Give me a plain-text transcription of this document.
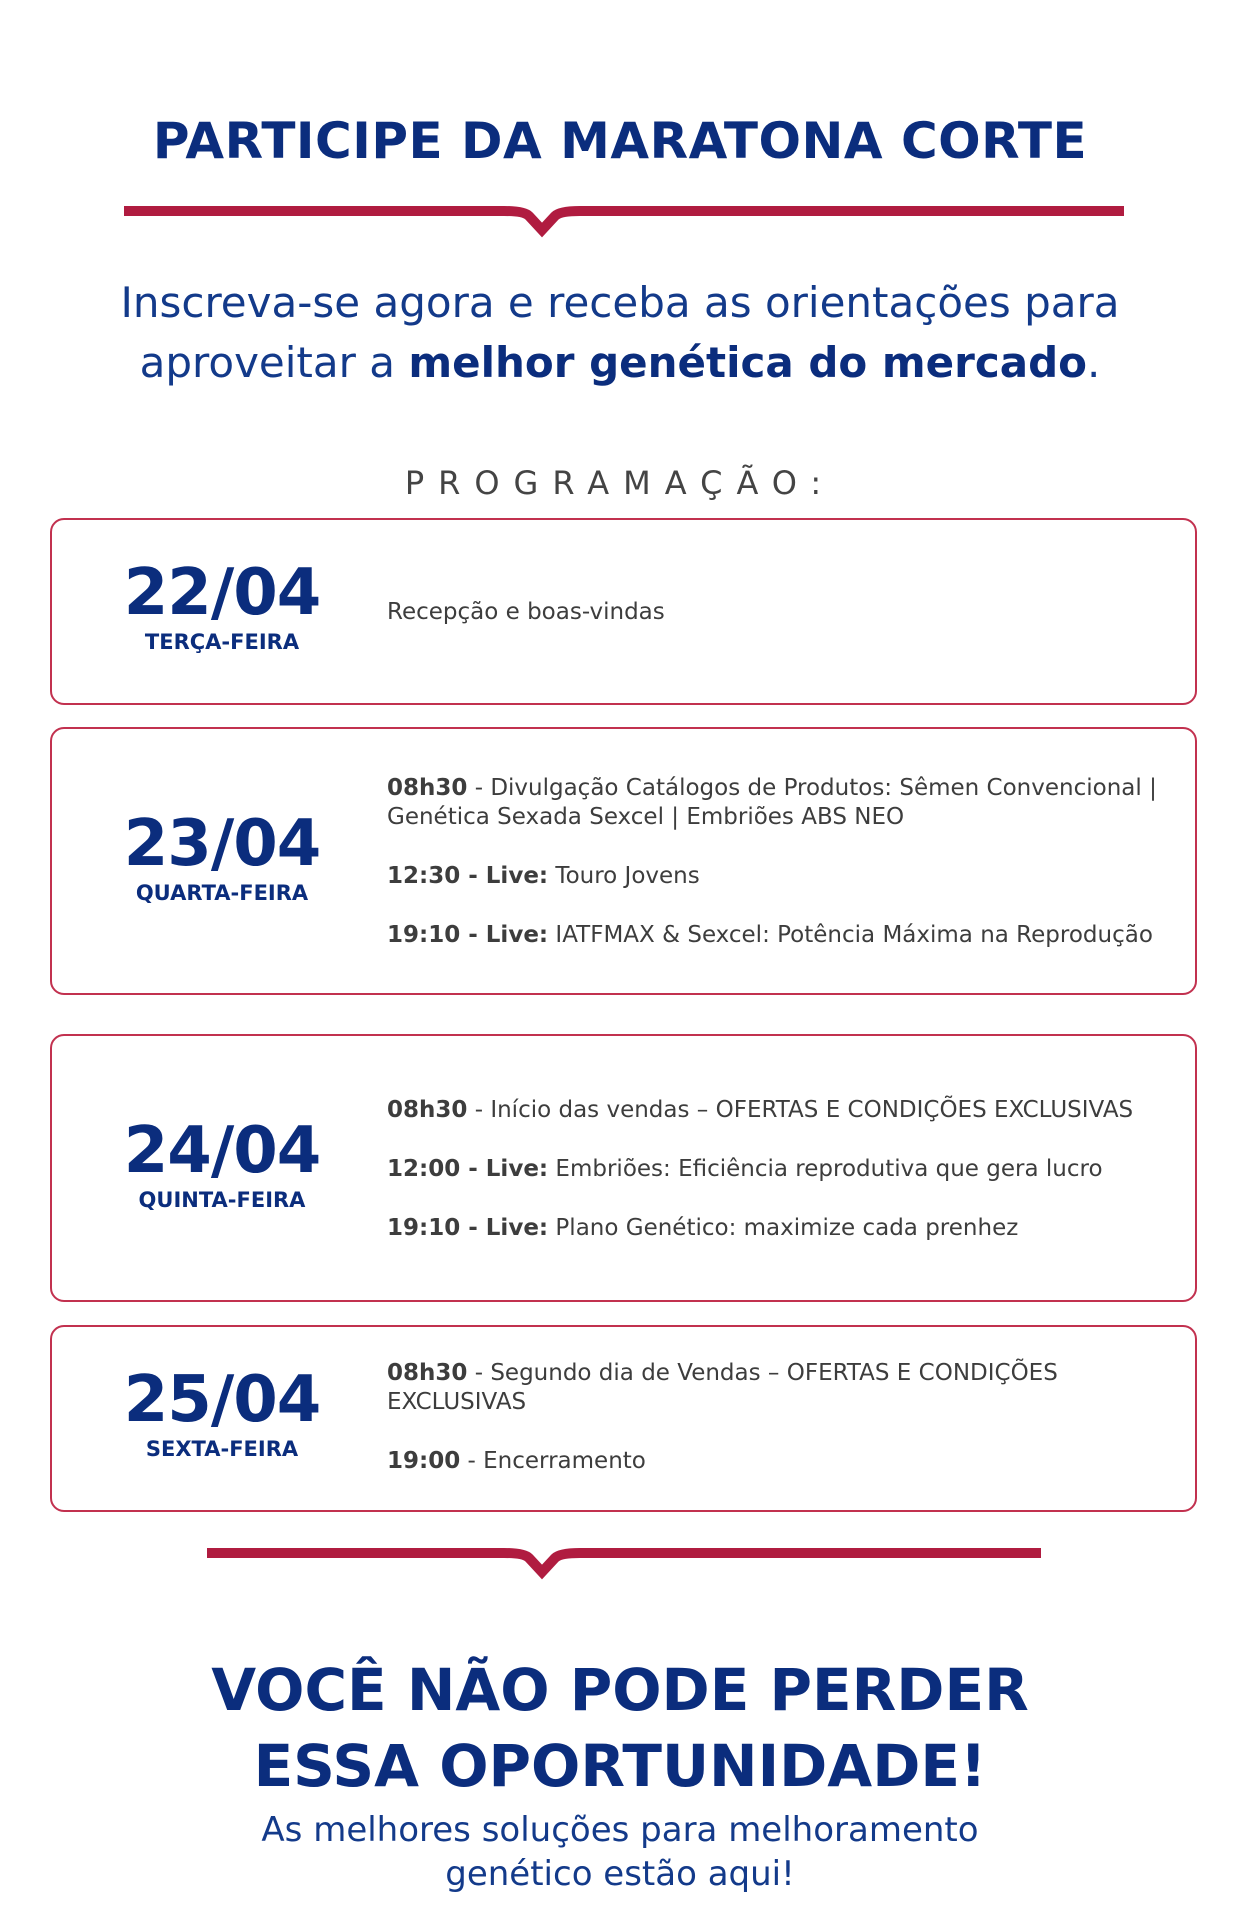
PARTICIPE DA MARATONA CORTE
Inscreva-se agora e receba as orientações para
aproveitar a melhor genética do mercado.
PROGRAMAÇÃO:
22/04
TERÇA-FEIRA
Recepção e boas-vindas
23/04
QUARTA-FEIRA
08h30 - Divulgação Catálogos de Produtos: Sêmen Convencional | Genética Sexada Sexcel | Embriões ABS NEO
12:30 - Live: Touro Jovens
19:10 - Live: IATFMAX & Sexcel: Potência Máxima na Reprodução
24/04
QUINTA-FEIRA
08h30 - Início das vendas – OFERTAS E CONDIÇÕES EXCLUSIVAS
12:00 - Live: Embriões: Eficiência reprodutiva que gera lucro
19:10 - Live: Plano Genético: maximize cada prenhez
25/04
SEXTA-FEIRA
08h30 - Segundo dia de Vendas – OFERTAS E CONDIÇÕES EXCLUSIVAS
19:00 - Encerramento
VOCÊ NÃO PODE PERDER
ESSA OPORTUNIDADE!
As melhores soluções para melhoramento
genético estão aqui!
